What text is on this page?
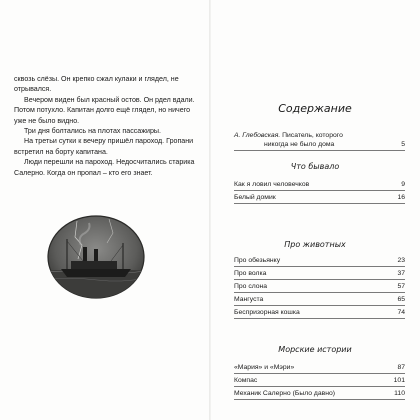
сквозь слёзы. Он крепко сжал кулаки и глядел, не отрывался.

Вечером виден был красный остов. Он рдел вдали. Потом потухло. Капитан долго ещё глядел, но ничего уже не было видно.

Три дня болтались на плотах пассажиры.

На третьи сутки к вечеру пришёл пароход. Гропани встретил на борту капитана.

Люди перешли на пароход. Недосчитались старика Салерно. Когда он пропал – кто его знает.

Содержание
А. Глебовская. Писатель, которого
никогда не было дома	5
Что бывало
Как я ловил человечков	9
Белый домик	16
Про животных
Про обезьянку	23
Про волка	37
Про слона	57
Мангуста	65
Беспризорная кошка	74
Морские истории
«Мария» и «Мэри»	87
Компас	101
Механик Салерно (Было давно)	110
